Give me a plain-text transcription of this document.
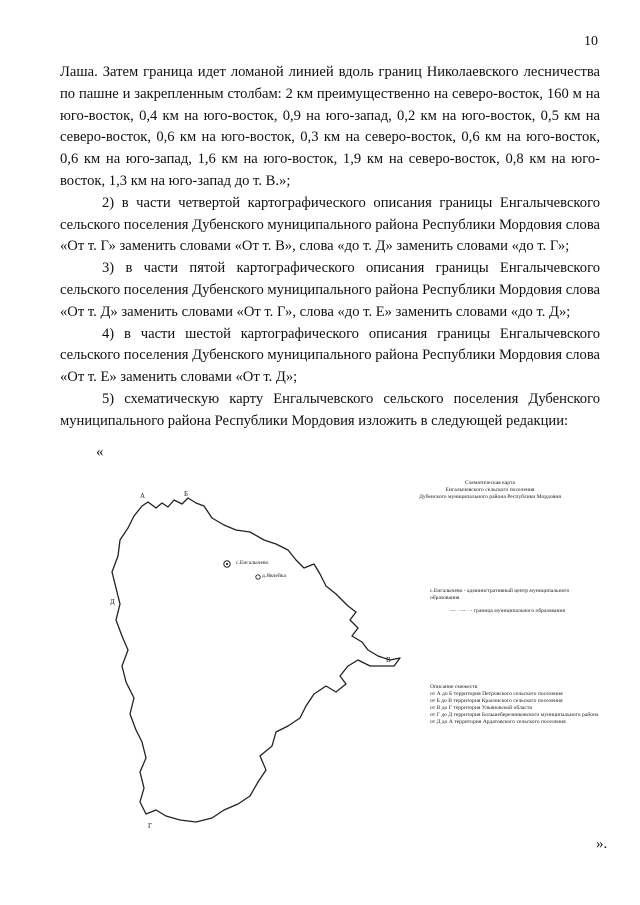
10

Лаша. Затем граница идет ломаной линией вдоль границ Николаевского лесничества по пашне и закрепленным столбам: 2 км преимущественно на северо-восток, 160 м на юго-восток, 0,4 км на юго-восток, 0,9 на юго-запад, 0,2 км на юго-восток, 0,5 км на северо-восток, 0,6 км на юго-восток, 0,3 км на северо-восток, 0,6 км на юго-восток, 0,6 км на юго-запад, 1,6 км на юго-восток, 1,9 км на северо-восток, 0,8 км на юго-восток, 1,3 км на юго-запад до т. В.»;

2) в части четвертой картографического описания границы Енгалычевского сельского поселения Дубенского муниципального района Республики Мордовия слова «От т. Г» заменить словами «От т. В», слова «до т. Д» заменить словами «до т. Г»;

3) в части пятой картографического описания границы Енгалычевского сельского поселения Дубенского муниципального района Республики Мордовия слова «От т. Д» заменить словами «От т. Г», слова «до т. Е» заменить словами «до т. Д»;

4) в части шестой картографического описания границы Енгалычевского сельского поселения Дубенского муниципального района Республики Мордовия слова «От т. Е» заменить словами «От т. Д»;

5) схематическую карту Енгалычевского сельского поселения Дубенского муниципального района Республики Мордовия изложить в следующей редакции:

«
А	Б
В
Г
Д
с.Енгалычево
д.Явлейка
Схематическая карта
Енгалычевского сельского поселения
Дубенского муниципального района Республики Мордовия
с.Енгалычево - административный центр муниципального образования
— · — · - граница муниципального образования
Описание смежеств
от А до Б территория Петровского сельского поселения
от Б до В территория Красинского сельского поселения
от В до Г территория Ульяновской области
от Г до Д территория Большеберезниковского муниципального района
от Д до А территория Ардатовского сельского поселения
».
